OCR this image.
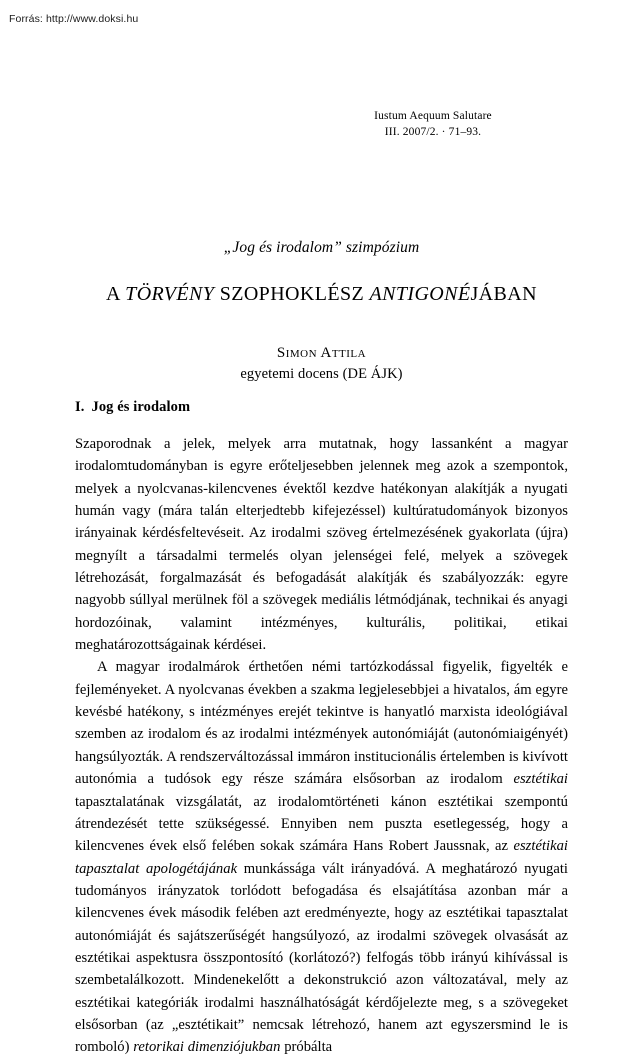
Forrás: http://www.doksi.hu
Iustum Aequum Salutare
III. 2007/2. · 71–93.
„Jog és irodalom” szimpózium
A TÖRVÉNY SZOPHOKLÉSZ ANTIGONÉJÁBAN
Simon Attila
egyetemi docens (DE ÁJK)
I. Jog és irodalom

Szaporodnak a jelek, melyek arra mutatnak, hogy lassanként a magyar irodalomtudományban is egyre erőteljesebben jelennek meg azok a szempontok, melyek a nyolcvanas-kilencvenes évektől kezdve hatékonyan alakítják a nyugati humán vagy (mára talán elterjedtebb kifejezéssel) kultúratudományok bizonyos irányainak kérdésfeltevéseit. Az irodalmi szöveg értelmezésének gyakorlata (újra) megnyílt a társadalmi termelés olyan jelenségei felé, melyek a szövegek létrehozását, forgalmazását és befogadását alakítják és szabályozzák: egyre nagyobb súllyal merülnek föl a szövegek mediális létmódjának, technikai és anyagi hordozóinak, valamint intézményes, kulturális, politikai, etikai meghatározottságainak kérdései.

A magyar irodalmárok érthetően némi tartózkodással figyelik, figyelték e fejleményeket. A nyolcvanas években a szakma legjelesebbjei a hivatalos, ám egyre kevésbé hatékony, s intézményes erejét tekintve is hanyatló marxista ideológiával szemben az irodalom és az irodalmi intézmények autonómiáját (autonómiaigényét) hangsúlyozták. A rendszerváltozással immáron institucionális értelemben is kivívott autonómia a tudósok egy része számára elsősorban az irodalom esztétikai tapasztalatának vizsgálatát, az irodalomtörténeti kánon esztétikai szempontú átrendezését tette szükségessé. Ennyiben nem puszta esetlegesség, hogy a kilencvenes évek első felében sokak számára Hans Robert Jaussnak, az esztétikai tapasztalat apologétájának munkássága vált irányadóvá. A meghatározó nyugati tudományos irányzatok torlódott befogadása és elsajátítása azonban már a kilencvenes évek második felében azt eredményezte, hogy az esztétikai tapasztalat autonómiáját és sajátszerűségét hangsúlyozó, az irodalmi szövegek olvasását az esztétikai aspektusra összpontosító (korlátozó?) felfogás több irányú kihívással is szembetalálkozott. Mindenekelőtt a dekonstrukció azon változatával, mely az esztétikai kategóriák irodalmi használhatóságát kérdőjelezte meg, s a szövegeket elsősorban (az „esztétikait” nemcsak létrehozó, hanem azt egyszersmind le is romboló) retorikai dimenziójukban próbálta
